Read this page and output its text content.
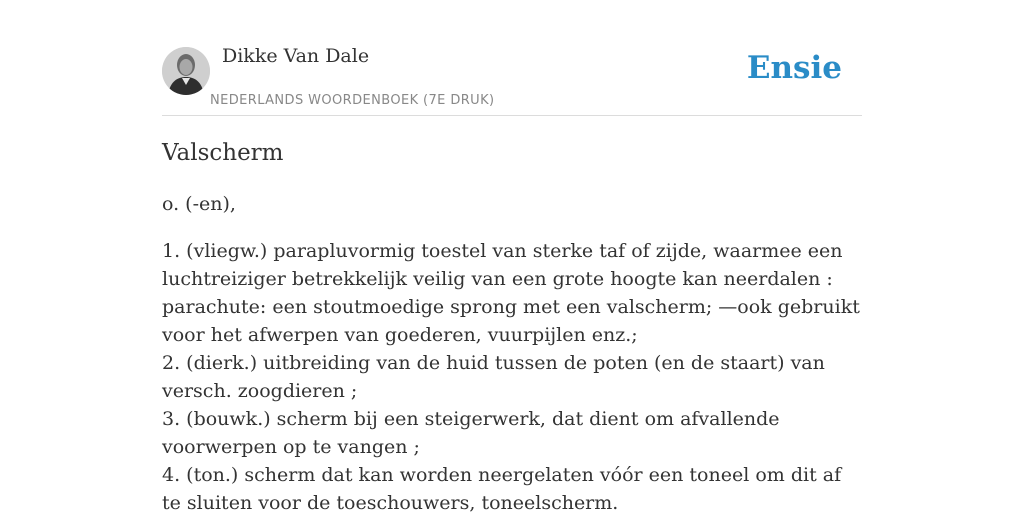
Dikke Van Dale
NEDERLANDS WOORDENBOEK (7E DRUK)
Ensie
Valscherm
o. (-en),
1. (vliegw.) parapluvormig toestel van sterke taf of zijde, waarmee een luchtreiziger betrekkelijk veilig van een grote hoogte kan neerdalen : parachute: een stoutmoedige sprong met een valscherm; —ook gebruikt voor het afwerpen van goederen, vuurpijlen enz.;
2. (dierk.) uitbreiding van de huid tussen de poten (en de staart) van versch. zoogdieren ;
3. (bouwk.) scherm bij een steigerwerk, dat dient om afvallende voorwerpen op te vangen ;
4. (ton.) scherm dat kan worden neergelaten vóór een toneel om dit af te sluiten voor de toeschouwers, toneelscherm.
